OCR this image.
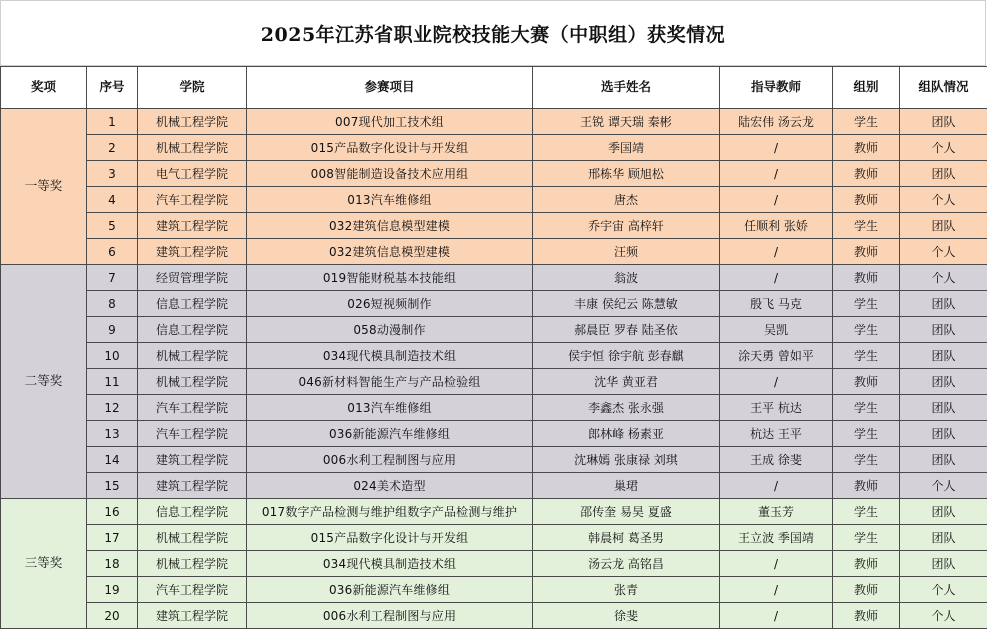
2025年江苏省职业院校技能大赛（中职组）获奖情况
奖项	序号	学院	参赛项目	选手姓名	指导教师	组别	组队情况
一等奖	1	机械工程学院	007现代加工技术组	王锐 谭天瑞 秦彬	陆宏伟 汤云龙	学生	团队
	2	机械工程学院	015产品数字化设计与开发组	季国靖	/	教师	个人
	3	电气工程学院	008智能制造设备技术应用组	邢栋华 顾旭松	/	教师	团队
	4	汽车工程学院	013汽车维修组	唐杰	/	教师	个人
	5	建筑工程学院	032建筑信息模型建模	乔宇宙 高梓轩	任顺利 张娇	学生	团队
	6	建筑工程学院	032建筑信息模型建模	汪频	/	教师	个人
二等奖	7	经贸管理学院	019智能财税基本技能组	翁波	/	教师	个人
	8	信息工程学院	026短视频制作	丰康 侯纪云 陈慧敏	殷飞 马克	学生	团队
	9	信息工程学院	058动漫制作	郝晨臣 罗春 陆圣依	吴凯	学生	团队
	10	机械工程学院	034现代模具制造技术组	侯宇恒 徐宇航 彭春麒	涂天勇 曾如平	学生	团队
	11	机械工程学院	046新材料智能生产与产品检验组	沈华 黄亚君	/	教师	团队
	12	汽车工程学院	013汽车维修组	李鑫杰 张永强	王平 杭达	学生	团队
	13	汽车工程学院	036新能源汽车维修组	郎林峰 杨素亚	杭达 王平	学生	团队
	14	建筑工程学院	006水利工程制图与应用	沈琳嫣 张康禄 刘琪	王成 徐斐	学生	团队
	15	建筑工程学院	024美术造型	巢珺	/	教师	个人
三等奖	16	信息工程学院	017数字产品检测与维护组数字产品检测与维护	邵传奎 易昊 夏盛	董玉芳	学生	团队
	17	机械工程学院	015产品数字化设计与开发组	韩晨柯 葛圣男	王立波 季国靖	学生	团队
	18	机械工程学院	034现代模具制造技术组	汤云龙 高铭昌	/	教师	团队
	19	汽车工程学院	036新能源汽车维修组	张青	/	教师	个人
	20	建筑工程学院	006水利工程制图与应用	徐斐	/	教师	个人
